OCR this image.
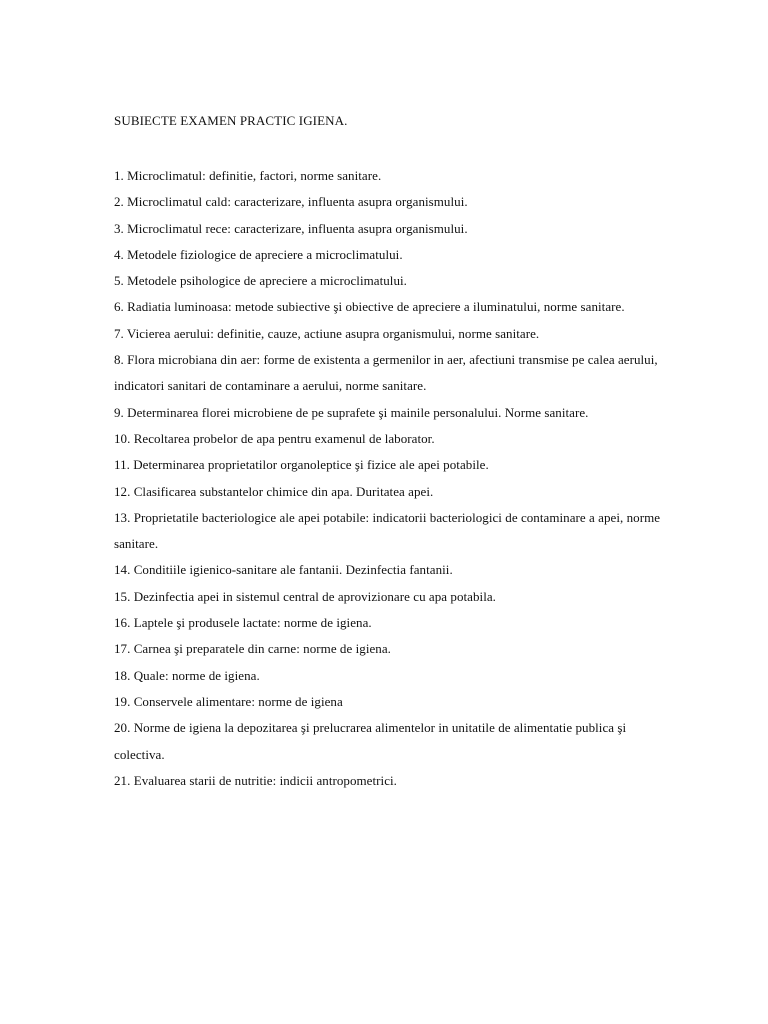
SUBIECTE EXAMEN PRACTIC IGIENA.
1. Microclimatul: definitie, factori, norme sanitare.
2. Microclimatul cald: caracterizare, influenta asupra organismului.
3. Microclimatul rece: caracterizare, influenta asupra organismului.
4. Metodele fiziologice de apreciere a microclimatului.
5. Metodele psihologice de apreciere a microclimatului.
6. Radiatia luminoasa: metode subiective şi obiective de apreciere a iluminatului, norme sanitare.
7. Vicierea aerului: definitie, cauze, actiune asupra organismului, norme sanitare.
8. Flora microbiana din aer: forme de existenta a germenilor in aer, afectiuni transmise pe calea aerului, indicatori sanitari de contaminare a aerului, norme sanitare.
9. Determinarea florei microbiene de pe suprafete şi mainile personalului. Norme sanitare.
10. Recoltarea probelor de apa pentru examenul de laborator.
11. Determinarea proprietatilor organoleptice şi fizice ale apei potabile.
12. Clasificarea substantelor chimice din apa. Duritatea apei.
13. Proprietatile bacteriologice ale apei potabile: indicatorii bacteriologici de contaminare a apei, norme sanitare.
14. Conditiile igienico-sanitare ale fantanii. Dezinfectia fantanii.
15. Dezinfectia apei in sistemul central de aprovizionare cu apa potabila.
16. Laptele şi produsele lactate: norme de igiena.
17. Carnea şi preparatele din carne: norme de igiena.
18. Quale: norme de igiena.
19. Conservele alimentare: norme de igiena
20. Norme de igiena la depozitarea şi prelucrarea alimentelor in unitatile de alimentatie publica şi colectiva.
21. Evaluarea starii de nutritie: indicii antropometrici.
